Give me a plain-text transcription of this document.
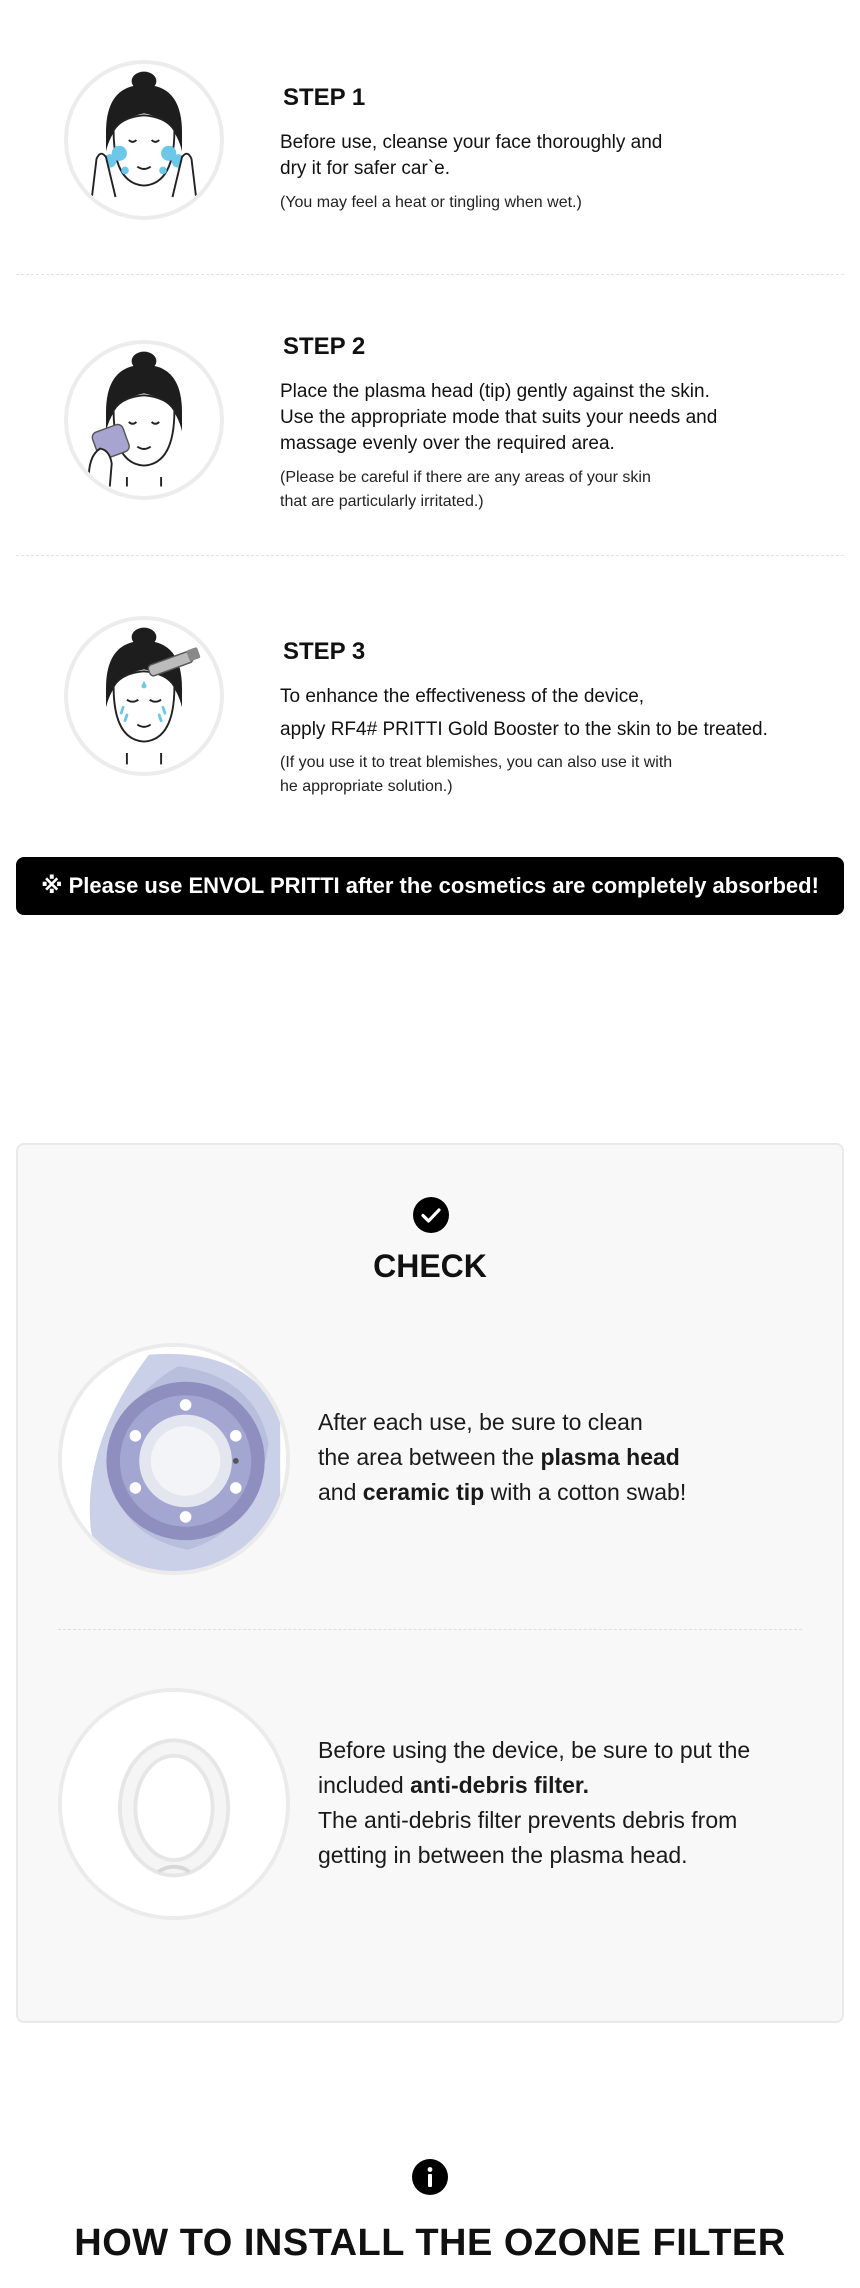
STEP 1

Before use, cleanse your face thoroughly and

dry it for safer car`e.

(You may feel a heat or tingling when wet.)

STEP 2

Place the plasma head (tip) gently against the skin.

Use the appropriate mode that suits your needs and

massage evenly over the required area.

(Please be careful if there are any areas of your skin

that are particularly irritated.)

STEP 3

To enhance the effectiveness of the device,

apply RF4# PRITTI Gold Booster to the skin to be treated.

(If you use it to treat blemishes, you can also use it with

he appropriate solution.)

※ Please use ENVOL PRITTI after the cosmetics are completely absorbed!

CHECK

After each use, be sure to clean
the area between the plasma head
and ceramic tip with a cotton swab!

Before using the device, be sure to put the
included anti-debris filter.
The anti-debris filter prevents debris from
getting in between the plasma head.

HOW TO INSTALL THE OZONE FILTER
